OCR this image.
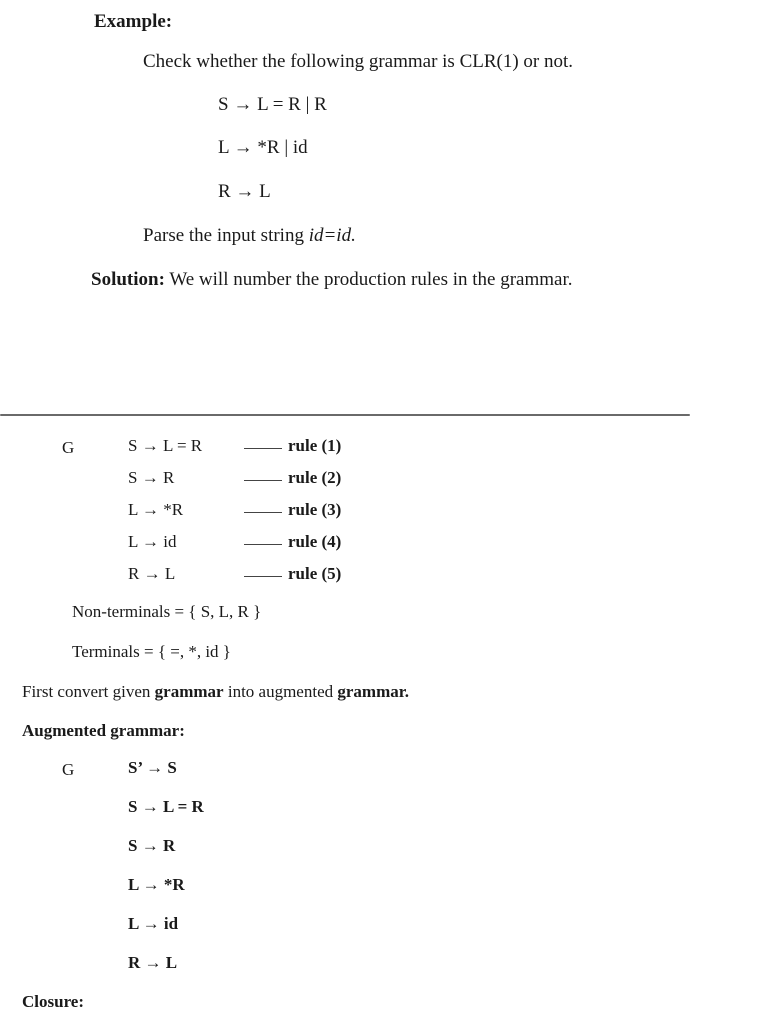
Example:
Check whether the following grammar is CLR(1) or not.
S → L = R | R
L → *R | id
R → L
Parse the input string id=id.
Solution: We will number the production rules in the grammar.
G	S → L = R	rule (1)
S → R	rule (2)
L → *R	rule (3)
L → id	rule (4)
R → L	rule (5)
Non-terminals = { S, L, R }
Terminals = { =, *, id }
First convert given grammar into augmented grammar.
Augmented grammar:
G	S’ → S
S → L = R
S → R
L → *R
L → id
R → L
Closure:
